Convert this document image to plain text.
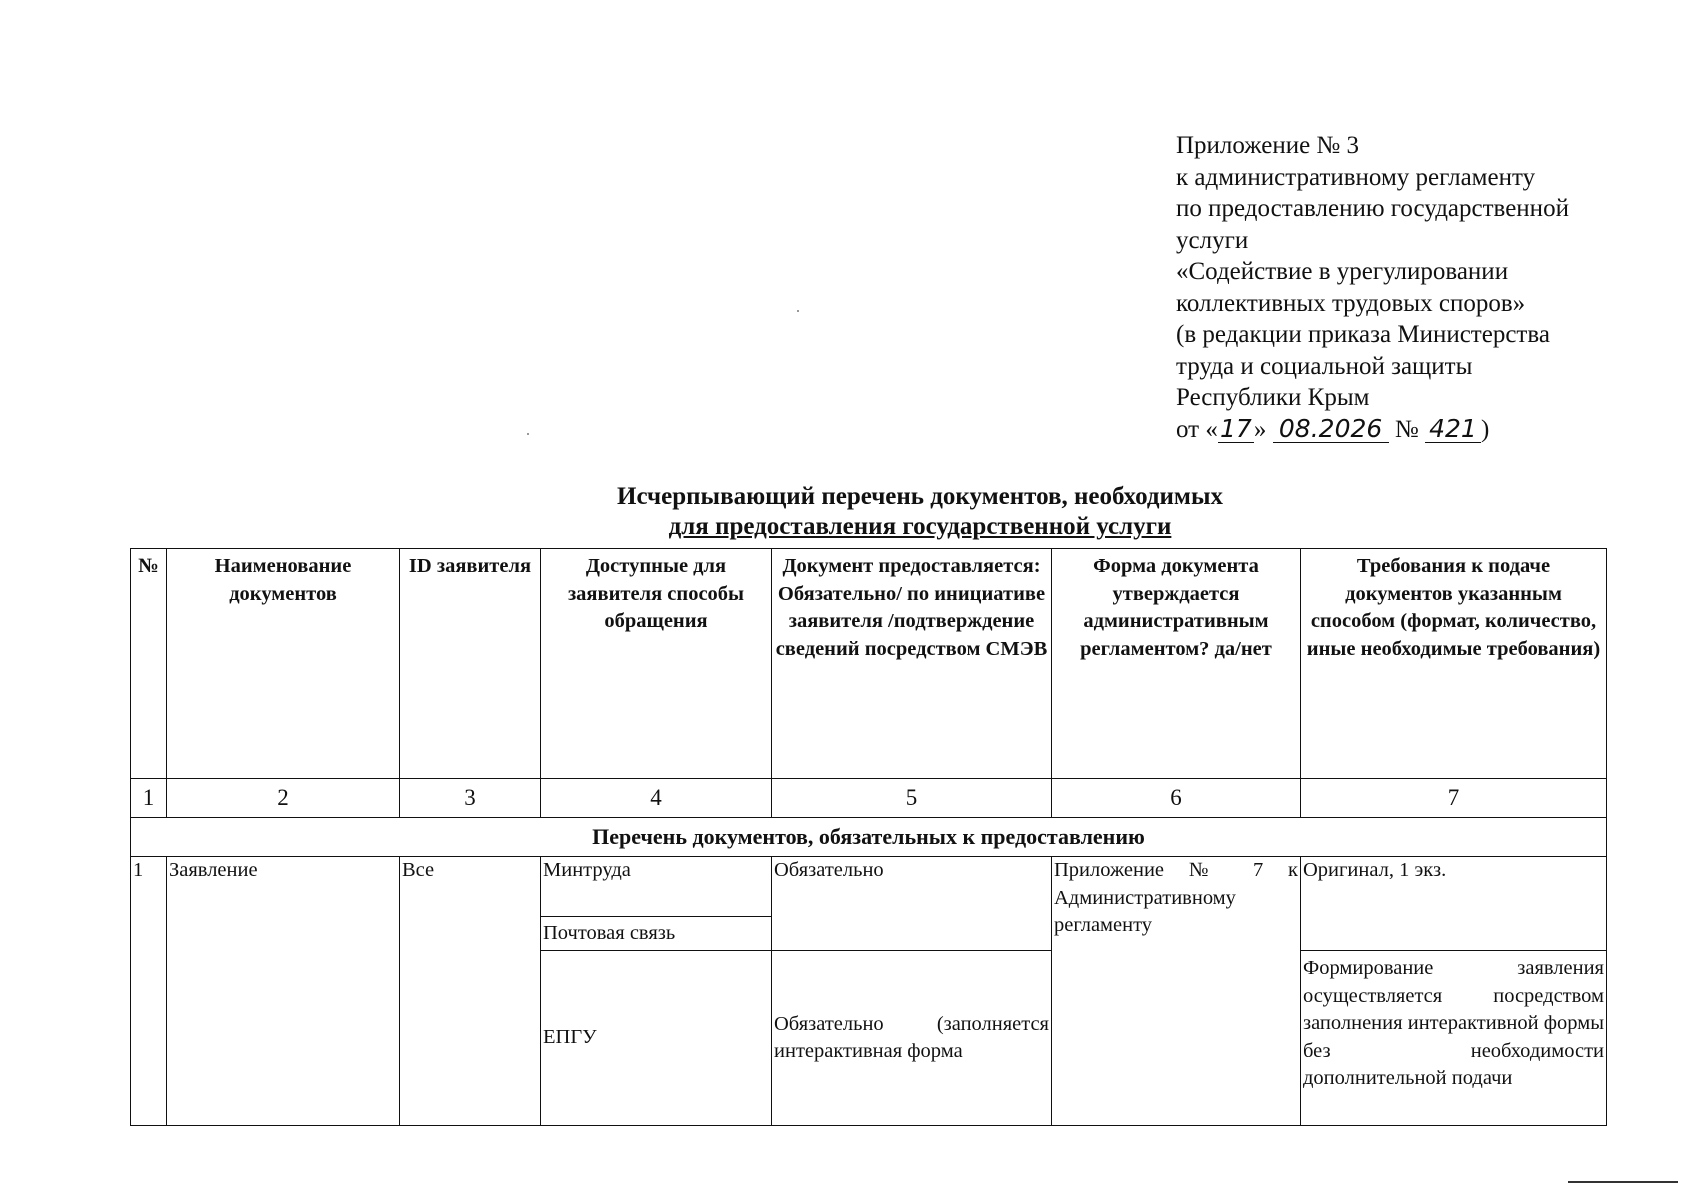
Приложение № 3
к административному регламенту
по предоставлению государственной
услуги
«Содействие в урегулировании
коллективных трудовых споров»
(в редакции приказа Министерства
труда и социальной защиты
Республики Крым
от «17» 08.2026 № 421 )
Исчерпывающий перечень документов, необходимых
для предоставления государственной услуги
№	Наименование документов	ID заявителя	Доступные для заявителя способы обращения	Документ предоставляется: Обязательно/ по инициативе заявителя /подтверждение сведений посредством СМЭВ	Форма документа утверждается административным регламентом? да/нет	Требования к подаче документов указанным способом (формат, количество, иные необходимые требования)
1	2	3	4	5	6	7
Перечень документов, обязательных к предоставлению						
1	Заявление	Все	Минтруда	Обязательно	Приложение № 7 к Административному регламенту	Оригинал, 1 экз.
			Почтовая связь			
			ЕПГУ	Обязательно (заполняется интерактивная форма		Формирование заявления осуществляется посредством заполнения интерактивной формы без необходимости дополнительной подачи
